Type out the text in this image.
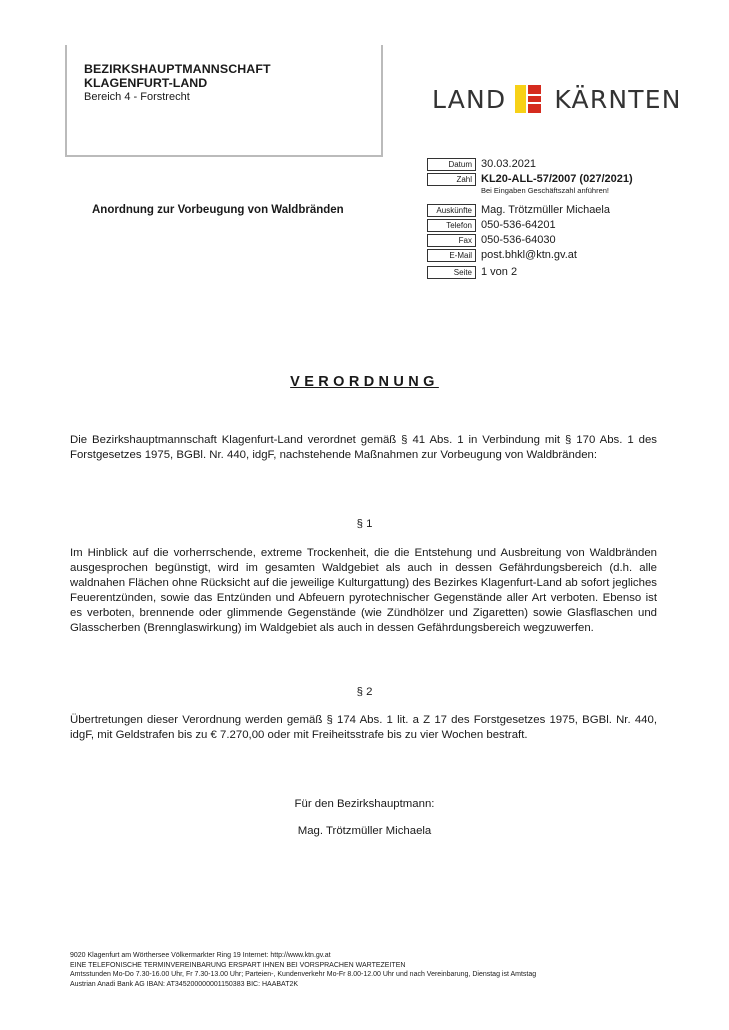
BEZIRKSHAUPTMANNSCHAFT
KLAGENFURT-LAND
Bereich 4 - Forstrecht	LAND KÄRNTEN
Anordnung zur Vorbeugung von Waldbränden
Datum 30.03.2021
Zahl KL20-ALL-57/2007 (027/2021)
Bei Eingaben Geschäftszahl anführen!
Auskünfte Mag. Trötzmüller Michaela
Telefon 050-536-64201
Fax 050-536-64030
E-Mail post.bhkl@ktn.gv.at
Seite 1 von 2
VERORDNUNG
Die Bezirkshauptmannschaft Klagenfurt-Land verordnet gemäß § 41 Abs. 1 in Verbindung mit § 170 Abs. 1 des Forstgesetzes 1975, BGBl. Nr. 440, idgF, nachstehende Maßnahmen zur Vorbeugung von Waldbränden:
§ 1
Im Hinblick auf die vorherrschende, extreme Trockenheit, die die Entstehung und Ausbreitung von Waldbränden ausgesprochen begünstigt, wird im gesamten Waldgebiet als auch in dessen Gefährdungsbereich (d.h. alle waldnahen Flächen ohne Rücksicht auf die jeweilige Kulturgattung) des Bezirkes Klagenfurt-Land ab sofort jegliches Feuerentzünden, sowie das Entzünden und Abfeuern pyrotechnischer Gegenstände aller Art verboten. Ebenso ist es verboten, brennende oder glimmende Gegenstände (wie Zündhölzer und Zigaretten) sowie Glasflaschen und Glasscherben (Brennglaswirkung) im Waldgebiet als auch in dessen Gefährdungsbereich wegzuwerfen.
§ 2
Übertretungen dieser Verordnung werden gemäß § 174 Abs. 1 lit. a Z 17 des Forstgesetzes 1975, BGBl. Nr. 440, idgF, mit Geldstrafen bis zu € 7.270,00 oder mit Freiheitsstrafe bis zu vier Wochen bestraft.
Für den Bezirkshauptmann:
Mag. Trötzmüller Michaela
9020 Klagenfurt am Wörthersee Völkermarkter Ring 19 Internet: http://www.ktn.gv.at
EINE TELEFONISCHE TERMINVEREINBARUNG ERSPART IHNEN BEI VORSPRACHEN WARTEZEITEN
Amtsstunden Mo-Do 7.30-16.00 Uhr, Fr 7.30-13.00 Uhr; Parteien-, Kundenverkehr Mo-Fr 8.00-12.00 Uhr und nach Vereinbarung, Dienstag ist Amtstag
Austrian Anadi Bank AG IBAN: AT345200000001150383 BIC: HAABAT2K
